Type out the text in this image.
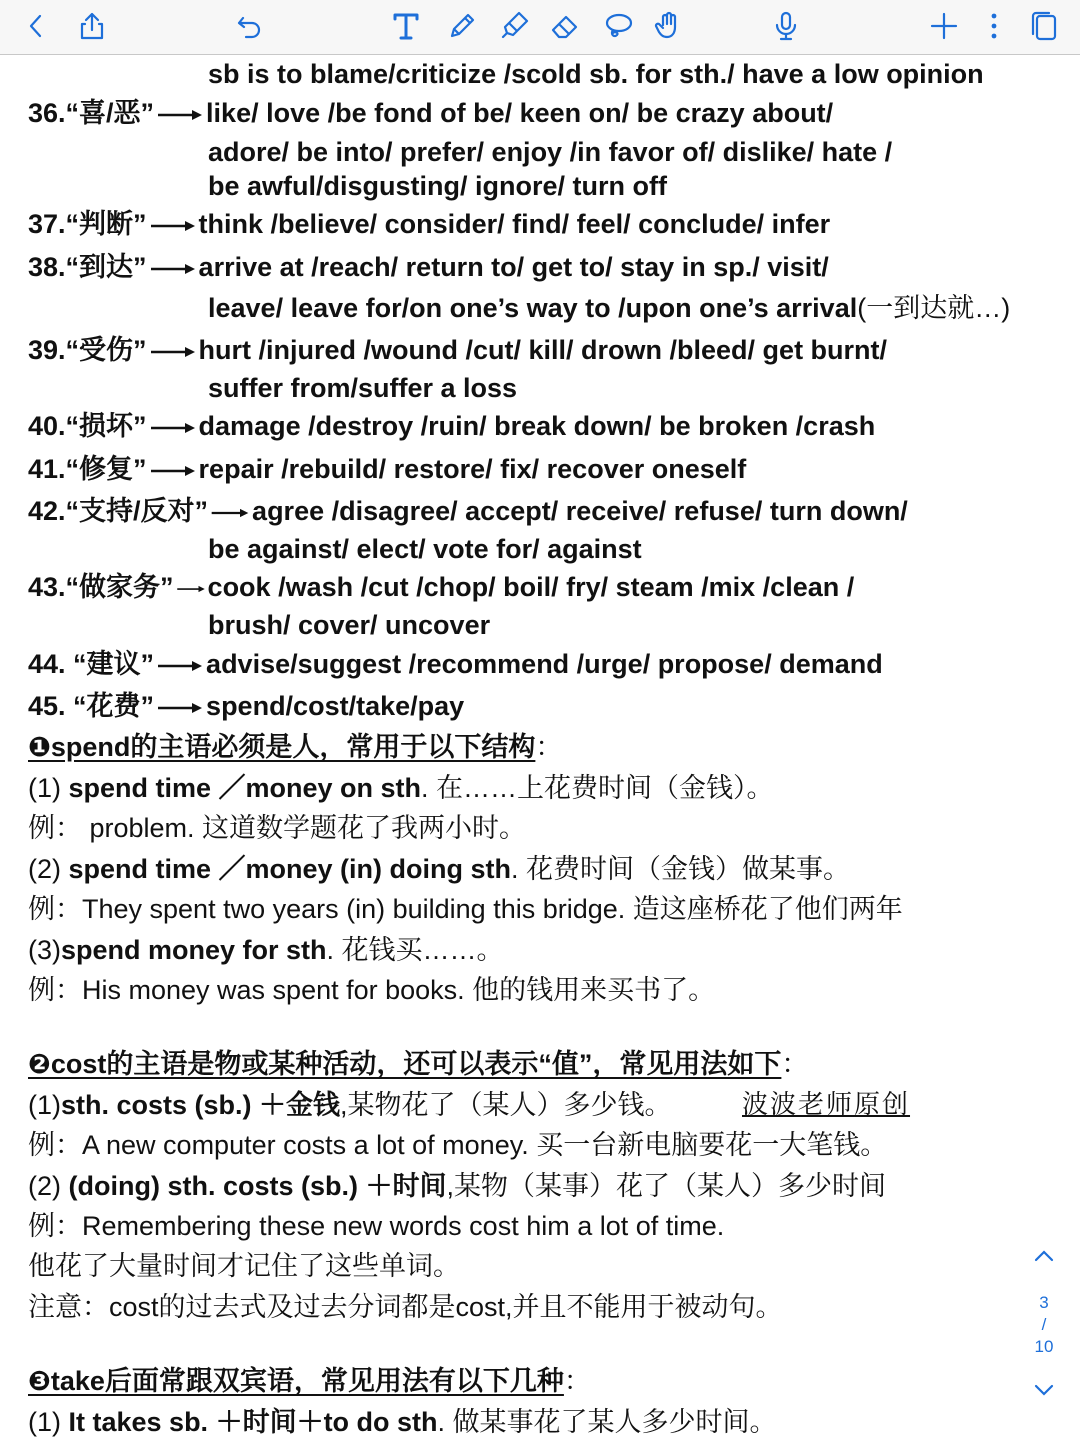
sb is to blame/criticize /scold sb. for sth./ have a low opinion
36.“喜/恶” like/ love /be fond of be/ keen on/ be crazy about/
adore/ be into/ prefer/ enjoy /in favor of/ dislike/ hate /
be awful/disgusting/ ignore/ turn off
37.“判断” think /believe/ consider/ find/ feel/ conclude/ infer
38.“到达” arrive at /reach/ return to/ get to/ stay in sp./ visit/
leave/ leave for/on one’s way to /upon one’s arrival(一到达就…)
39.“受伤” hurt /injured /wound /cut/ kill/ drown /bleed/ get burnt/
suffer from/suffer a loss
40.“损坏” damage /destroy /ruin/ break down/ be broken /crash
41.“修复” repair /rebuild/ restore/ fix/ recover oneself
42.“支持/反对” agree /disagree/ accept/ receive/ refuse/ turn down/
be against/ elect/ vote for/ against
43.“做家务” cook /wash /cut /chop/ boil/ fry/ steam /mix /clean /
brush/ cover/ uncover
44. “建议” advise/suggest /recommend /urge/ propose/ demand
45. “花费” spend/cost/take/pay
❶spend的主语必须是人，常用于以下结构：
(1) spend time ／money on sth. 在……上花费时间（金钱）。
例： problem. 这道数学题花了我两小时。
(2) spend time ／money (in) doing sth. 花费时间（金钱）做某事。
例：They spent two years (in) building this bridge. 造这座桥花了他们两年
(3)spend money for sth. 花钱买……。
例：His money was spent for books. 他的钱用来买书了。
❷cost的主语是物或某种活动，还可以表示“值”，常见用法如下：
(1)sth. costs (sb.) ＋金钱,某物花了（某人）多少钱。	波波老师原创
例：A new computer costs a lot of money. 买一台新电脑要花一大笔钱。
(2) (doing) sth. costs (sb.) ＋时间,某物（某事）花了（某人）多少时间
例：Remembering these new words cost him a lot of time.
他花了大量时间才记住了这些单词。
注意：cost的过去式及过去分词都是cost,并且不能用于被动句。
❸take后面常跟双宾语，常见用法有以下几种：
(1) It takes sb. ＋时间＋to do sth. 做某事花了某人多少时间。
3
/
10
